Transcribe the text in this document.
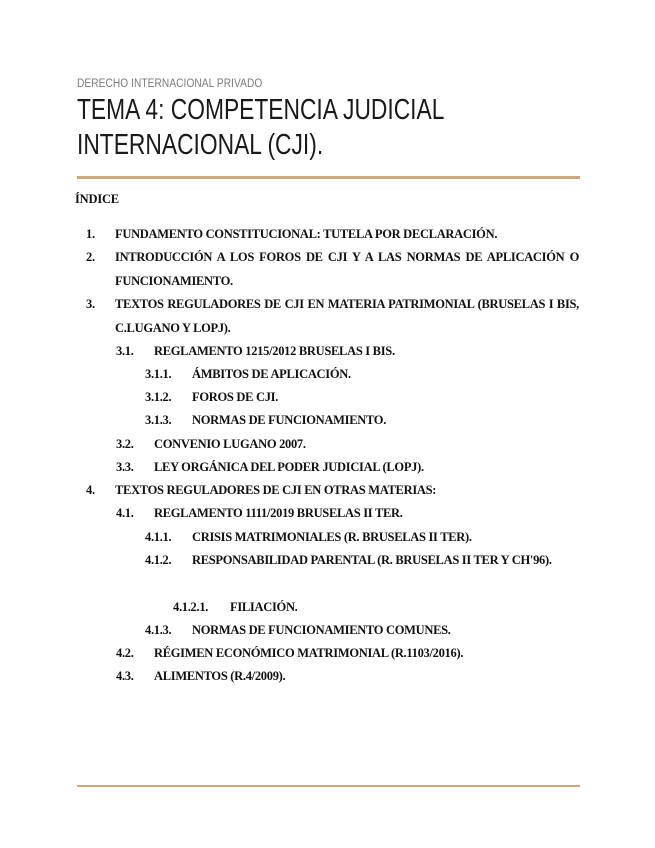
DERECHO INTERNACIONAL PRIVADO
TEMA 4: COMPETENCIA JUDICIAL INTERNACIONAL (CJI).
ÍNDICE
1. FUNDAMENTO CONSTITUCIONAL: TUTELA POR DECLARACIÓN.
2. INTRODUCCIÓN A LOS FOROS DE CJI Y A LAS NORMAS DE APLICACIÓN O FUNCIONAMIENTO.
3. TEXTOS REGULADORES DE CJI EN MATERIA PATRIMONIAL (BRUSELAS I BIS, C.LUGANO Y LOPJ).
3.1. REGLAMENTO 1215/2012 BRUSELAS I BIS.
3.1.1. ÁMBITOS DE APLICACIÓN.
3.1.2. FOROS DE CJI.
3.1.3. NORMAS DE FUNCIONAMIENTO.
3.2. CONVENIO LUGANO 2007.
3.3. LEY ORGÁNICA DEL PODER JUDICIAL (LOPJ).
4. TEXTOS REGULADORES DE CJI EN OTRAS MATERIAS:
4.1. REGLAMENTO 1111/2019 BRUSELAS II TER.
4.1.1. CRISIS MATRIMONIALES (R. BRUSELAS II TER).
4.1.2. RESPONSABILIDAD PARENTAL (R. BRUSELAS II TER Y CH'96).
4.1.2.1. FILIACIÓN.
4.1.3. NORMAS DE FUNCIONAMIENTO COMUNES.
4.2. RÉGIMEN ECONÓMICO MATRIMONIAL (R.1103/2016).
4.3. ALIMENTOS (R.4/2009).
